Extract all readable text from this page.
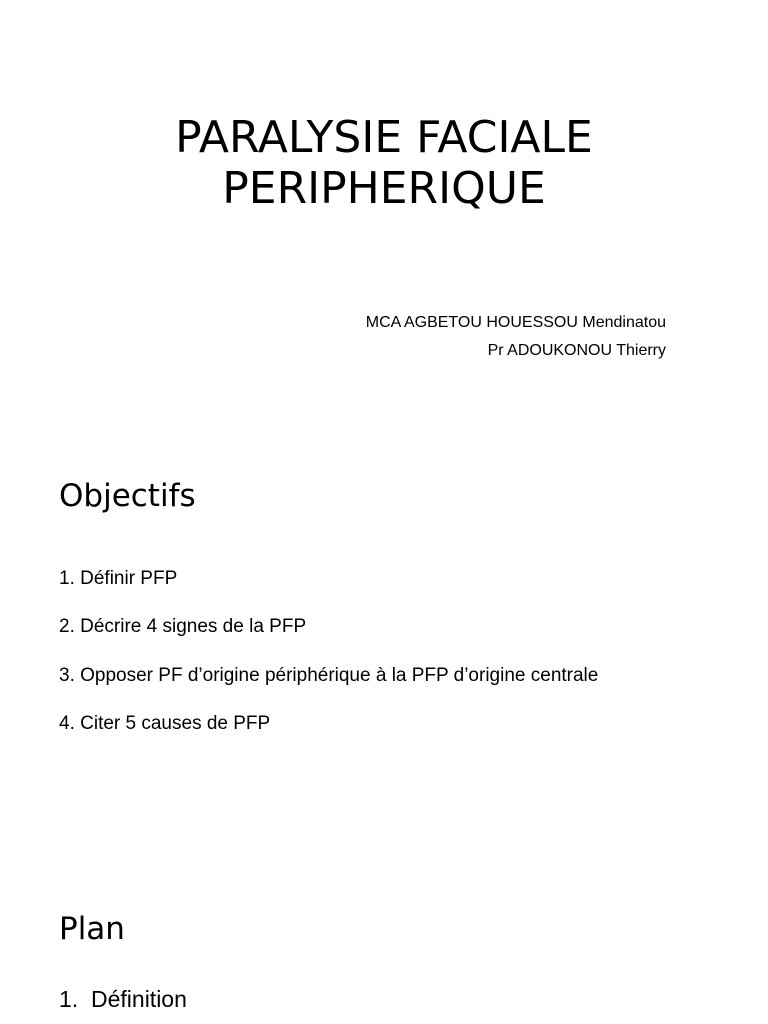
PARALYSIE FACIALE
PERIPHERIQUE
MCA AGBETOU HOUESSOU Mendinatou
Pr ADOUKONOU Thierry
Objectifs
1. Définir PFP
2. Décrire 4 signes de la PFP
3. Opposer PF d’origine périphérique à la PFP d’origine centrale
4. Citer 5 causes de PFP
Plan
1. Définition
